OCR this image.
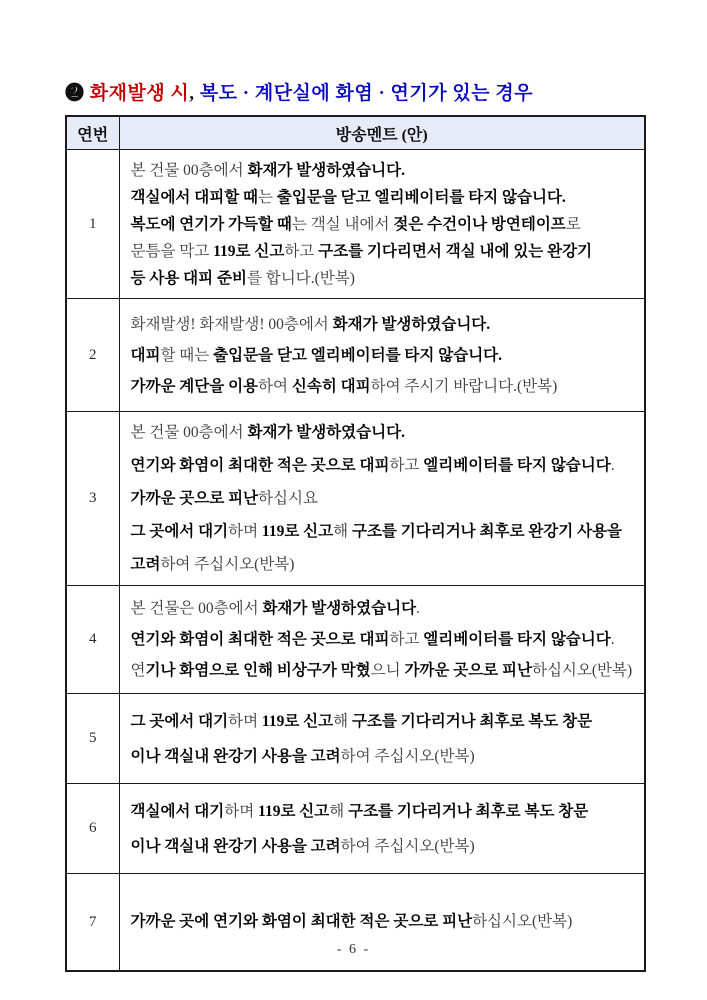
❷ 화재발생 시, 복도 · 계단실에 화염 · 연기가 있는 경우
연번	방송멘트 (안)
1	본 건물 00층에서 화재가 발생하였습니다.
객실에서 대피할 때는 출입문을 닫고 엘리베이터를 타지 않습니다.
복도에 연기가 가득할 때는 객실 내에서 젖은 수건이나 방연테이프로
문틈을 막고 119로 신고하고 구조를 기다리면서 객실 내에 있는 완강기
등 사용 대피 준비를 합니다.(반복)

2	화재발생! 화재발생! 00층에서 화재가 발생하였습니다.
대피할 때는 출입문을 닫고 엘리베이터를 타지 않습니다.
가까운 계단을 이용하여 신속히 대피하여 주시기 바랍니다.(반복)

3	본 건물 00층에서 화재가 발생하였습니다.
연기와 화염이 최대한 적은 곳으로 대피하고 엘리베이터를 타지 않습니다.
가까운 곳으로 피난하십시요
그 곳에서 대기하며 119로 신고해 구조를 기다리거나 최후로 완강기 사용을
고려하여 주십시오(반복)

4	본 건물은 00층에서 화재가 발생하였습니다.
연기와 화염이 최대한 적은 곳으로 대피하고 엘리베이터를 타지 않습니다.
연기나 화염으로 인해 비상구가 막혔으니 가까운 곳으로 피난하십시오(반복)

5	그 곳에서 대기하며 119로 신고해 구조를 기다리거나 최후로 복도 창문
이나 객실내 완강기 사용을 고려하여 주십시오(반복)

6	객실에서 대기하며 119로 신고해 구조를 기다리거나 최후로 복도 창문
이나 객실내 완강기 사용을 고려하여 주십시오(반복)

7	가까운 곳에 연기와 화염이 최대한 적은 곳으로 피난하십시오(반복)
- 6 -
